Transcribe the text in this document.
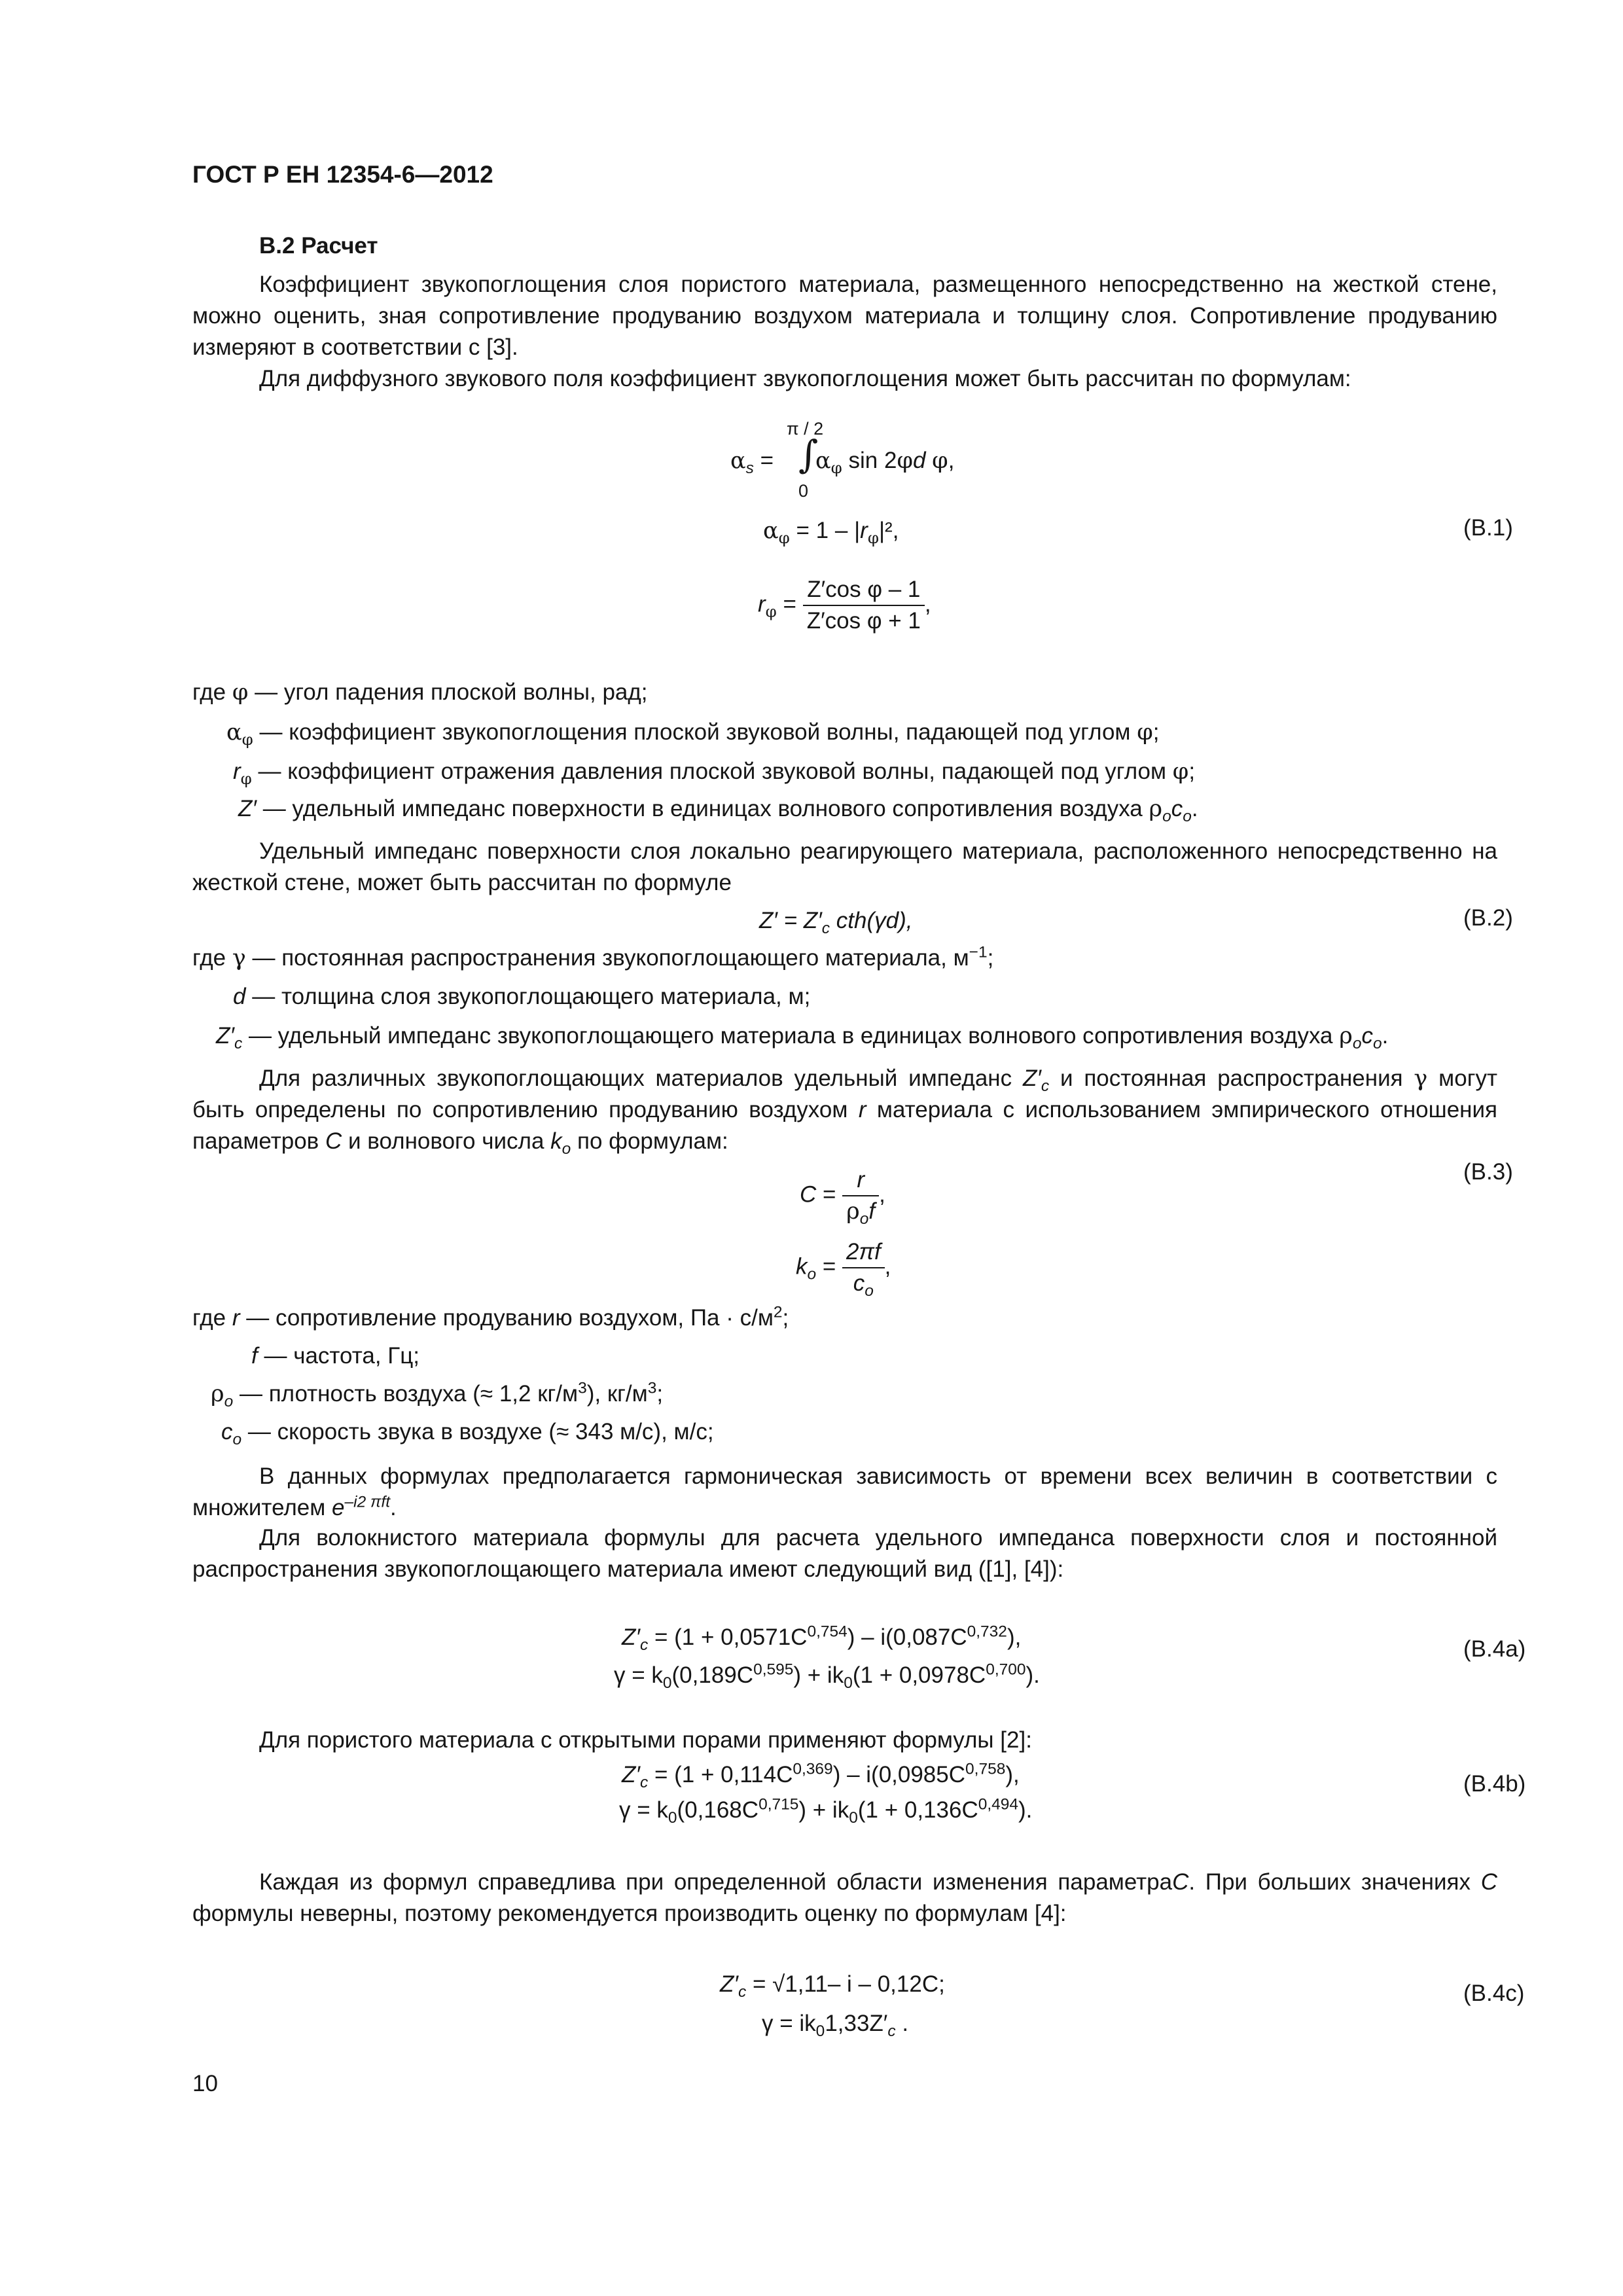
ГОСТ Р ЕН 12354-6—2012
В.2 Расчет
Коэффициент звукопоглощения слоя пористого материала, размещенного непосредственно на жесткой стене, можно оценить, зная сопротивление продуванию воздухом материала и толщину слоя. Сопротивление продуванию измеряют в соответствии с [3].
Для диффузного звукового поля коэффициент звукопоглощения может быть рассчитан по формулам:
$\alpha_s$ =
π / 2
∫
0
$\alpha_\varphi$ sin 2φd φ,
$\alpha_\varphi = 1 - |r_\varphi|^2$,	(В.1)
$r_\varphi = \frac{\text{Z′cos φ – 1}}{\text{Z′cos φ + 1}}$ ,
где φ — угол падения плоской волны, рад;
$\alpha_\varphi$ — коэффициент звукопоглощения плоской звуковой волны, падающей под углом φ;
$r_\varphi$ — коэффициент отражения давления плоской звуковой волны, падающей под углом φ;
Z′ — удельный импеданс поверхности в единицах волнового сопротивления воздуха $\rho_oc_o$.
Удельный импеданс поверхности слоя локально реагирующего материала, расположенного непосредственно на жесткой стене, может быть рассчитан по формуле
$Z' = Z'_c$ cth(γd),	(В.2)
где γ — постоянная распространения звукопоглощающего материала, $м^{-1}$;
d — толщина слоя звукопоглощающего материала, м;
$Z'_c$ — удельный импеданс звукопоглощающего материала в единицах волнового сопротивления воздуха $\rho_oc_o$.
Для различных звукопоглощающих материалов удельный импеданс $Z'_c$ и постоянная распространения γ могут быть определены по сопротивлению продуванию воздухом r материала с использованием эмпирического отношения параметров C и волнового числа $k_o$ по формулам:
$C = \frac{r}{\rho_of}$ ,
(В.3)
$k_o = \frac{2\pi f}{c_o}$ ,
где r — сопротивление продуванию воздухом, Па · $с/м^2$;
f — частота, Гц;
$\rho_o$ — плотность воздуха (≈ 1,2 $кг/м^3$), $кг/м^3$;
$c_o$ — скорость звука в воздухе (≈ 343 м/с), м/с;
В данных формулах предполагается гармоническая зависимость от времени всех величин в соответствии с множителем $e^{-i2 \pi ft}$.
Для волокнистого материала формулы для расчета удельного импеданса поверхности слоя и постоянной распространения звукопоглощающего материала имеют следующий вид ([1], [4]):
$Z'_c = (1 + 0,0571C^{0,754}) - i(0,087C^{0,732})$,	(В.4a)
$\gamma = k_0(0,189C^{0,595}) + ik_0(1 + 0,0978C^{0,700})$.
Для пористого материала с открытыми порами применяют формулы [2]:
$Z'_c = (1 + 0,114C^{0,369}) - i(0,0985C^{0,758})$,	(В.4b)
$\gamma = k_0(0,168C^{0,715}) + ik_0(1 + 0,136C^{0,494})$.
Каждая из формул справедлива при определенной области изменения параметраC. При больших значениях C формулы неверны, поэтому рекомендуется производить оценку по формулам [4]:
$Z'_c = √1,11-$ i – 0,12C;	(В.4c)
$\gamma = ik_01,33Z'_c$ .
10
